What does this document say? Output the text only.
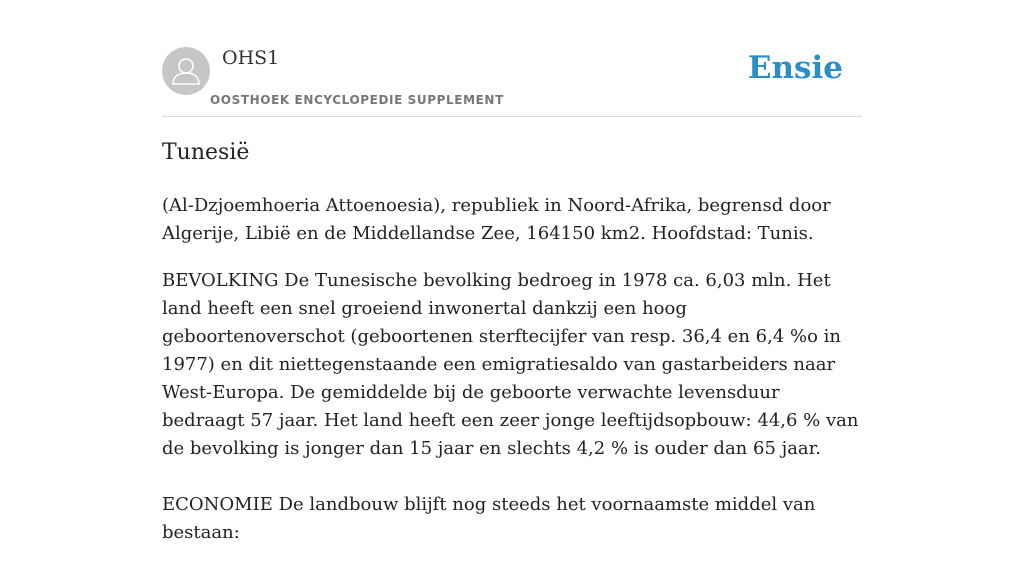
OHS1
OOSTHOEK ENCYCLOPEDIE SUPPLEMENT
Ensie
Tunesië

(Al-Dzjoemhoeria Attoenoesia), republiek in Noord-Afrika, begrensd door Algerije, Libië en de Middellandse Zee, 164150 km2. Hoofdstad: Tunis.

BEVOLKING De Tunesische bevolking bedroeg in 1978 ca. 6,03 mln. Het land heeft een snel groeiend inwonertal dankzij een hoog geboortenoverschot (geboortenen sterftecijfer van resp. 36,4 en 6,4 %o in 1977) en dit niettegenstaande een emigratiesaldo van gastarbeiders naar West-Europa. De gemiddelde bij de geboorte verwachte levensduur bedraagt 57 jaar. Het land heeft een zeer jonge leeftijdsopbouw: 44,6 % van de bevolking is jonger dan 15 jaar en slechts 4,2 % is ouder dan 65 jaar.

ECONOMIE De landbouw blijft nog steeds het voornaamste middel van bestaan:
